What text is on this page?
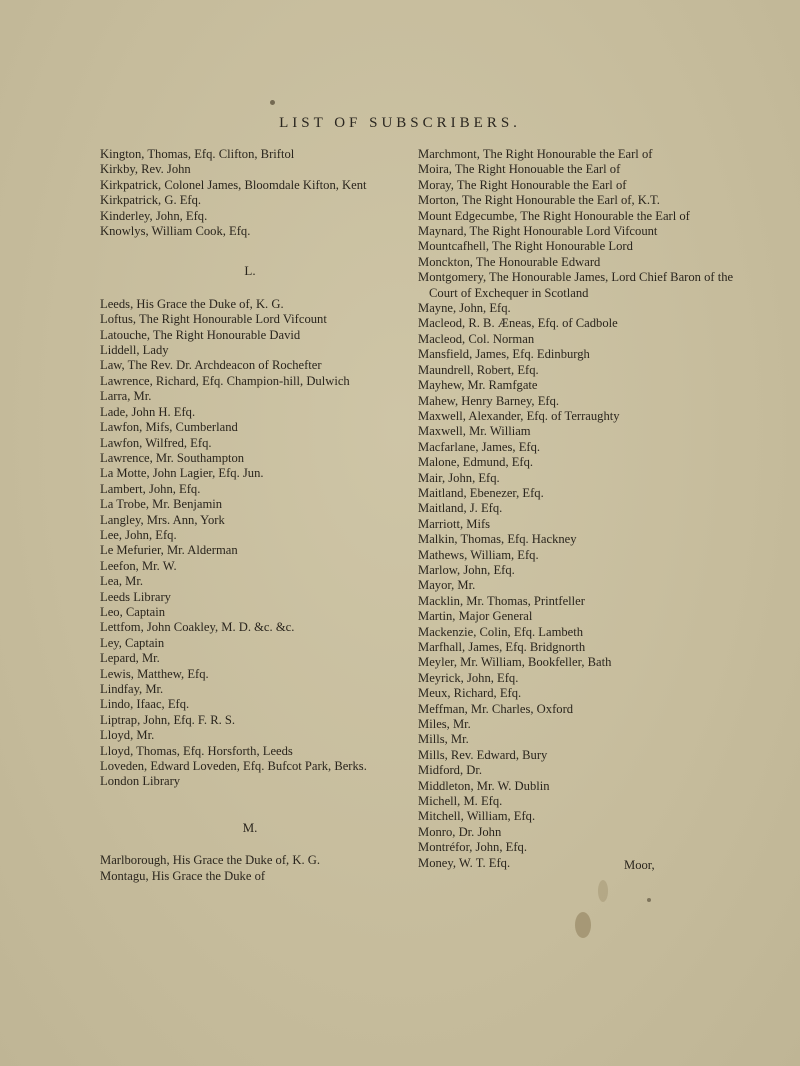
LIST OF SUBSCRIBERS.
Kington, Thomas, Efq. Clifton, Briftol
Kirkby, Rev. John
Kirkpatrick, Colonel James, Bloomdale Kifton, Kent
Kirkpatrick, G. Efq.
Kinderley, John, Efq.
Knowlys, William Cook, Efq.
L.
Leeds, His Grace the Duke of, K. G.
Loftus, The Right Honourable Lord Vifcount
Latouche, The Right Honourable David
Liddell, Lady
Law, The Rev. Dr. Archdeacon of Rochefter
Lawrence, Richard, Efq. Champion-hill, Dulwich
Larra, Mr.
Lade, John H. Efq.
Lawfon, Mifs, Cumberland
Lawfon, Wilfred, Efq.
Lawrence, Mr. Southampton
La Motte, John Lagier, Efq. Jun.
Lambert, John, Efq.
La Trobe, Mr. Benjamin
Langley, Mrs. Ann, York
Lee, John, Efq.
Le Mefurier, Mr. Alderman
Leefon, Mr. W.
Lea, Mr.
Leeds Library
Leo, Captain
Lettfom, John Coakley, M. D. &c. &c.
Ley, Captain
Lepard, Mr.
Lewis, Matthew, Efq.
Lindfay, Mr.
Lindo, Ifaac, Efq.
Liptrap, John, Efq. F. R. S.
Lloyd, Mr.
Lloyd, Thomas, Efq. Horsforth, Leeds
Loveden, Edward Loveden, Efq. Bufcot Park, Berks.
London Library
M.
Marlborough, His Grace the Duke of, K. G.
Montagu, His Grace the Duke of
Marchmont, The Right Honourable the Earl of
Moira, The Right Honouable the Earl of
Moray, The Right Honourable the Earl of
Morton, The Right Honourable the Earl of, K.T.
Mount Edgecumbe, The Right Honourable the Earl of
Maynard, The Right Honourable Lord Vifcount
Mountcafhell, The Right Honourable Lord
Monckton, The Honourable Edward
Montgomery, The Honourable James, Lord Chief Baron of the Court of Exchequer in Scotland
Mayne, John, Efq.
Macleod, R. B. Æneas, Efq. of Cadbole
Macleod, Col. Norman
Mansfield, James, Efq. Edinburgh
Maundrell, Robert, Efq.
Mayhew, Mr. Ramfgate
Mahew, Henry Barney, Efq.
Maxwell, Alexander, Efq. of Terraughty
Maxwell, Mr. William
Macfarlane, James, Efq.
Malone, Edmund, Efq.
Mair, John, Efq.
Maitland, Ebenezer, Efq.
Maitland, J. Efq.
Marriott, Mifs
Malkin, Thomas, Efq. Hackney
Mathews, William, Efq.
Marlow, John, Efq.
Mayor, Mr.
Macklin, Mr. Thomas, Printfeller
Martin, Major General
Mackenzie, Colin, Efq. Lambeth
Marfhall, James, Efq. Bridgnorth
Meyler, Mr. William, Bookfeller, Bath
Meyrick, John, Efq.
Meux, Richard, Efq.
Meffman, Mr. Charles, Oxford
Miles, Mr.
Mills, Mr.
Mills, Rev. Edward, Bury
Midford, Dr.
Middleton, Mr. W. Dublin
Michell, M. Efq.
Mitchell, William, Efq.
Monro, Dr. John
Montréfor, John, Efq.
Money, W. T. Efq.	Moor,
